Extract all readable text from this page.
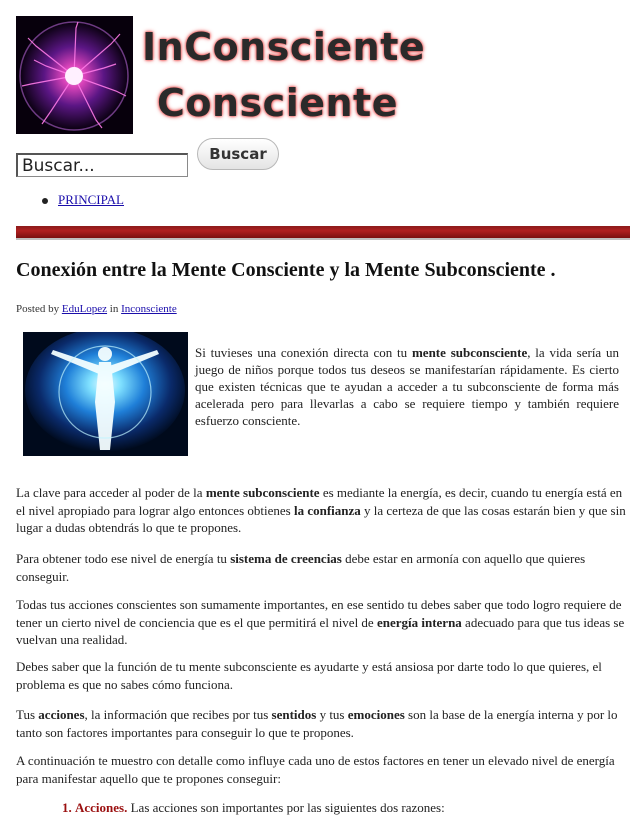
InConsciente
Consciente
Buscar...
Buscar
PRINCIPAL
Conexión entre la Mente Consciente y la Mente Subconsciente .
Posted by EduLopez in Inconsciente

Si tuvieses una conexión directa con tu mente subconsciente, la vida sería un juego de niños porque todos tus deseos se manifestarían rápidamente. Es cierto que existen técnicas que te ayudan a acceder a tu subconsciente de forma más acelerada pero para llevarlas a cabo se requiere tiempo y también requiere esfuerzo consciente.

La clave para acceder al poder de la mente subconsciente es mediante la energía, es decir, cuando tu energía está en el nivel apropiado para lograr algo entonces obtienes la confianza y la certeza de que las cosas estarán bien y que sin lugar a dudas obtendrás lo que te propones.

Para obtener todo ese nivel de energía tu sistema de creencias debe estar en armonía con aquello que quieres conseguir.

Todas tus acciones conscientes son sumamente importantes, en ese sentido tu debes saber que todo logro requiere de tener un cierto nivel de conciencia que es el que permitirá el nivel de energía interna adecuado para que tus ideas se vuelvan una realidad.

Debes saber que la función de tu mente subconsciente es ayudarte y está ansiosa por darte todo lo que quieres, el problema es que no sabes cómo funciona.

Tus acciones, la información que recibes por tus sentidos y tus emociones son la base de la energía interna y por lo tanto son factores importantes para conseguir lo que te propones.

A continuación te muestro con detalle como influye cada uno de estos factores en tener un elevado nivel de energía para manifestar aquello que te propones conseguir:

1. Acciones. Las acciones son importantes por las siguientes dos razones:
